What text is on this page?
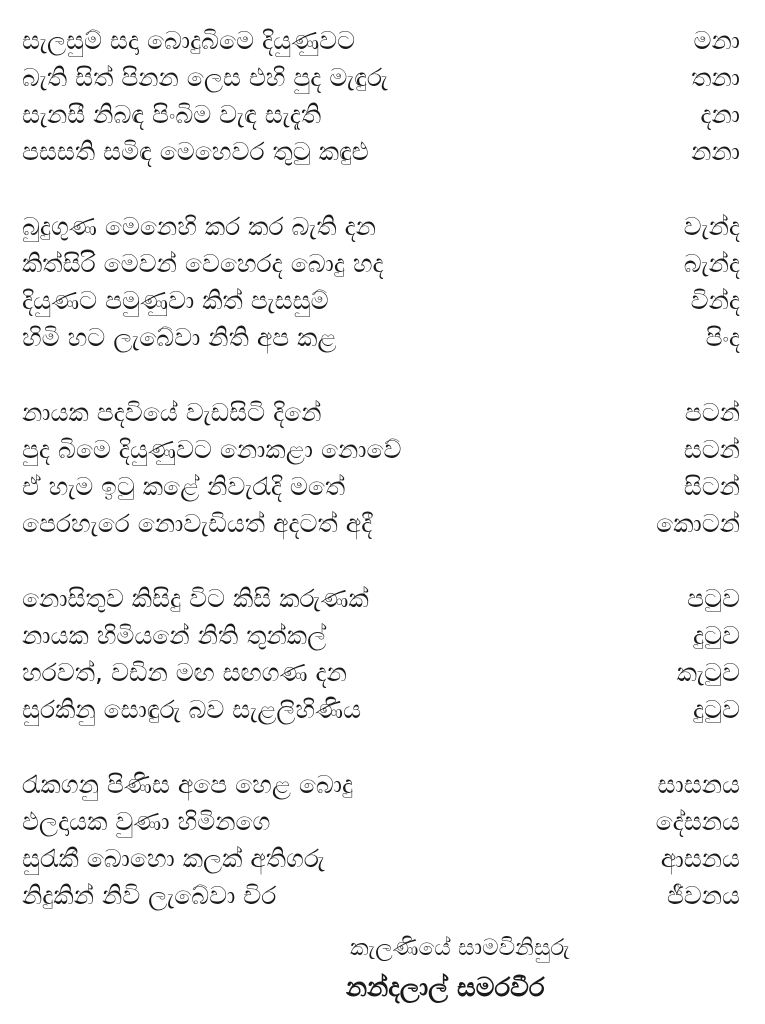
සැලසුම් සදා බොදුබිමෙ දියුණුවට	මනා
බැති සිත් පිනන ලෙස එහි පුද මැඳුරු	තනා
සැනසී නිබඳ පිංබිම වැඳ සැදැති	දනා
පසසති සමිඳ මෙහෙවර තුටු කඳුළු	නනා
බුදුගුණ මෙනෙහි කර කර බැති දන	වැන්ද
කිත්සිරි මෙවන් වෙහෙරද බොදු හද	බැන්ද
දියුණට පමුණුවා කිත් පැසසුම්	වින්ද
හිමි හට ලැබේවා නිති අප කළ	පිංද
නායක පදවියේ වැඩසිටි දිනේ	පටන්
පුද බිමෙ දියුණුවට නොකළා නොවේ	සටන්
ඒ හැම ඉටු කළේ නිවැරැදි මතේ	සිටන්
පෙරහැරෙ නොවැඩියත් අදටත් අදී	කොටන්
නොසිතුව කිසිදු විට කිසි කරුණක්	පටුව
නායක හිමියනේ නිති තුන්කල්	දුටුව
හරවත්, වඩින මඟ සඟගණ දන	කැටුව
සුරකිනු සොඳුරු බව සැළලිහිණිය	දුටුව
රැකගනු පිණිස අපෙ හෙළ බොදු	සාසනය
ඵලදායක වුණා හිමිනගෙ	දේසනය
සුරැකී බොහො කලක් අතිගරු	ආසනය
නිදුකින් නිවි ලැබේවා චිර	ජීවනය
කැලණියේ සාමවිනිසුරු
නන්දලාල් සමරවීර
